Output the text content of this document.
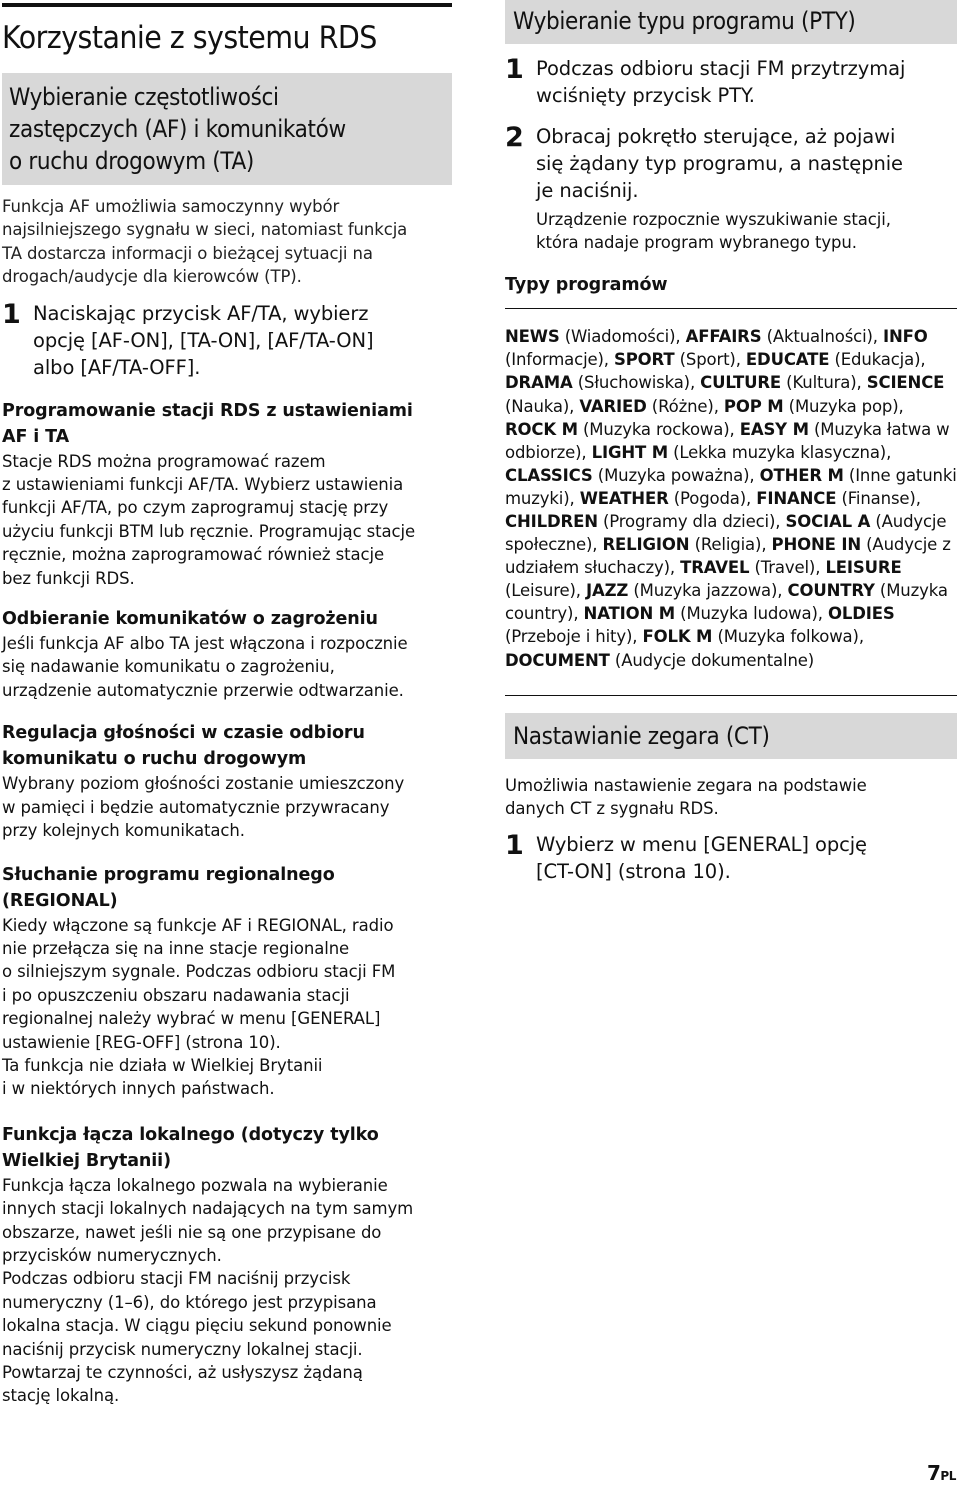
Korzystanie z systemu RDS
Wybieranie częstotliwości
zastępczych (AF) i komunikatów
o ruchu drogowym (TA)
Funkcja AF umożliwia samoczynny wybór
najsilniejszego sygnału w sieci, natomiast funkcja
TA dostarcza informacji o bieżącej sytuacji na
drogach/audycje dla kierowców (TP).
1 Naciskając przycisk AF/TA, wybierz
opcję [AF-ON], [TA-ON], [AF/TA-ON]
albo [AF/TA-OFF].
Programowanie stacji RDS z ustawieniami
AF i TA
Stacje RDS można programować razem
z ustawieniami funkcji AF/TA. Wybierz ustawienia
funkcji AF/TA, po czym zaprogramuj stację przy
użyciu funkcji BTM lub ręcznie. Programując stacje
ręcznie, można zaprogramować również stacje
bez funkcji RDS.
Odbieranie komunikatów o zagrożeniu
Jeśli funkcja AF albo TA jest włączona i rozpocznie
się nadawanie komunikatu o zagrożeniu,
urządzenie automatycznie przerwie odtwarzanie.
Regulacja głośności w czasie odbioru
komunikatu o ruchu drogowym
Wybrany poziom głośności zostanie umieszczony
w pamięci i będzie automatycznie przywracany
przy kolejnych komunikatach.
Słuchanie programu regionalnego
(REGIONAL)
Kiedy włączone są funkcje AF i REGIONAL, radio
nie przełącza się na inne stacje regionalne
o silniejszym sygnale. Podczas odbioru stacji FM
i po opuszczeniu obszaru nadawania stacji
regionalnej należy wybrać w menu [GENERAL]
ustawienie [REG-OFF] (strona 10).
Ta funkcja nie działa w Wielkiej Brytanii
i w niektórych innych państwach.
Funkcja łącza lokalnego (dotyczy tylko
Wielkiej Brytanii)
Funkcja łącza lokalnego pozwala na wybieranie
innych stacji lokalnych nadających na tym samym
obszarze, nawet jeśli nie są one przypisane do
przycisków numerycznych.
Podczas odbioru stacji FM naciśnij przycisk
numeryczny (1–6), do którego jest przypisana
lokalna stacja. W ciągu pięciu sekund ponownie
naciśnij przycisk numeryczny lokalnej stacji.
Powtarzaj te czynności, aż usłyszysz żądaną
stację lokalną.
Wybieranie typu programu (PTY)
1 Podczas odbioru stacji FM przytrzymaj
wciśnięty przycisk PTY.
2 Obracaj pokrętło sterujące, aż pojawi
się żądany typ programu, a następnie
je naciśnij.
Urządzenie rozpocznie wyszukiwanie stacji,
która nadaje program wybranego typu.
Typy programów
NEWS (Wiadomości), AFFAIRS (Aktualności), INFO (Informacje), SPORT (Sport), EDUCATE (Edukacja), DRAMA (Słuchowiska), CULTURE (Kultura), SCIENCE (Nauka), VARIED (Różne), POP M (Muzyka pop), ROCK M (Muzyka rockowa), EASY M (Muzyka łatwa w odbiorze), LIGHT M (Lekka muzyka klasyczna), CLASSICS (Muzyka poważna), OTHER M (Inne gatunki muzyki), WEATHER (Pogoda), FINANCE (Finanse), CHILDREN (Programy dla dzieci), SOCIAL A (Audycje społeczne), RELIGION (Religia), PHONE IN (Audycje z udziałem słuchaczy), TRAVEL (Travel), LEISURE (Leisure), JAZZ (Muzyka jazzowa), COUNTRY (Muzyka country), NATION M (Muzyka ludowa), OLDIES (Przeboje i hity), FOLK M (Muzyka folkowa), DOCUMENT (Audycje dokumentalne)
Nastawianie zegara (CT)
Umożliwia nastawienie zegara na podstawie
danych CT z sygnału RDS.
1 Wybierz w menu [GENERAL] opcję
[CT-ON] (strona 10).
7PL
